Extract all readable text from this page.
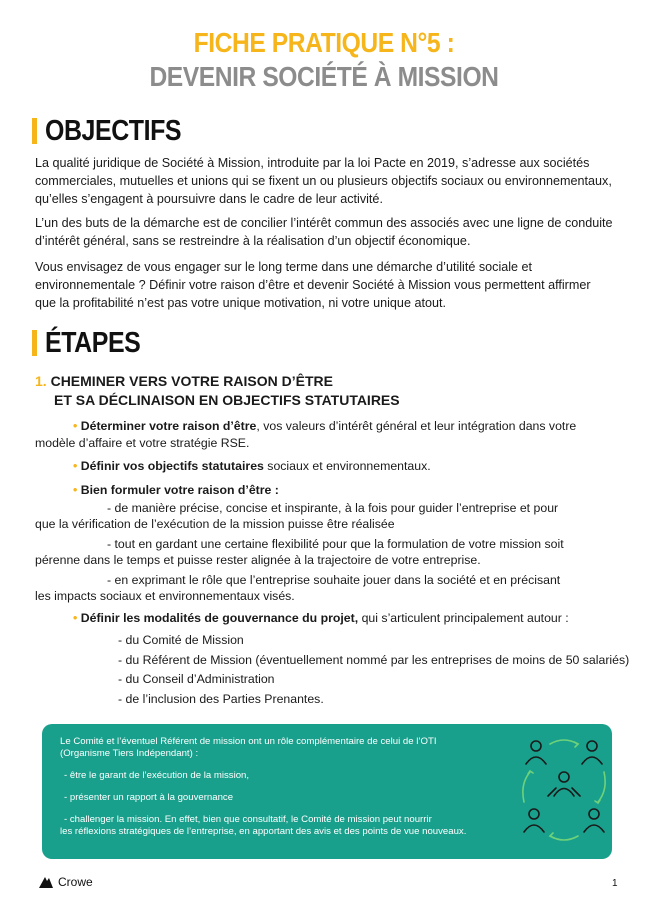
FICHE PRATIQUE N°5 :
DEVENIR SOCIÉTÉ À MISSION
OBJECTIFS

La qualité juridique de Société à Mission, introduite par la loi Pacte en 2019, s’adresse aux sociétés commerciales, mutuelles et unions qui se fixent un ou plusieurs objectifs sociaux ou environnementaux, qu’elles s’engagent à poursuivre dans le cadre de leur activité.

L’un des buts de la démarche est de concilier l’intérêt commun des associés avec une ligne de conduite d’intérêt général, sans se restreindre à la réalisation d’un objectif économique.

Vous envisagez de vous engager sur le long terme dans une démarche d’utilité sociale et environnementale ? Définir votre raison d’être et devenir Société à Mission vous permettent affirmer que la profitabilité n’est pas votre unique motivation, ni votre unique atout.

ÉTAPES
1. CHEMINER VERS VOTRE RAISON D’ÊTRE
ET SA DÉCLINAISON EN OBJECTIFS STATUTAIRES
• Déterminer votre raison d’être, vos valeurs d’intérêt général et leur intégration dans votre
modèle d’affaire et votre stratégie RSE.
• Définir vos objectifs statutaires sociaux et environnementaux.
• Bien formuler votre raison d’être :
- de manière précise, concise et inspirante, à la fois pour guider l’entreprise et pour
que la vérification de l’exécution de la mission puisse être réalisée
- tout en gardant une certaine flexibilité pour que la formulation de votre mission soit
pérenne dans le temps et puisse rester alignée à la trajectoire de votre entreprise.
- en exprimant le rôle que l’entreprise souhaite jouer dans la société et en précisant
les impacts sociaux et environnementaux visés.
• Définir les modalités de gouvernance du projet, qui s’articulent principalement autour :
- du Comité de Mission
- du Référent de Mission (éventuellement nommé par les entreprises de moins de 50 salariés)
- du Conseil d’Administration
- de l’inclusion des Parties Prenantes.
Le Comité et l’éventuel Référent de mission ont un rôle complémentaire de celui de l’OTI
(Organisme Tiers Indépendant) :
- être le garant de l’exécution de la mission,
- présenter un rapport à la gouvernance
- challenger la mission. En effet, bien que consultatif, le Comité de mission peut nourrir
les réflexions stratégiques de l’entreprise, en apportant des avis et des points de vue nouveaux.
Crowe	1
